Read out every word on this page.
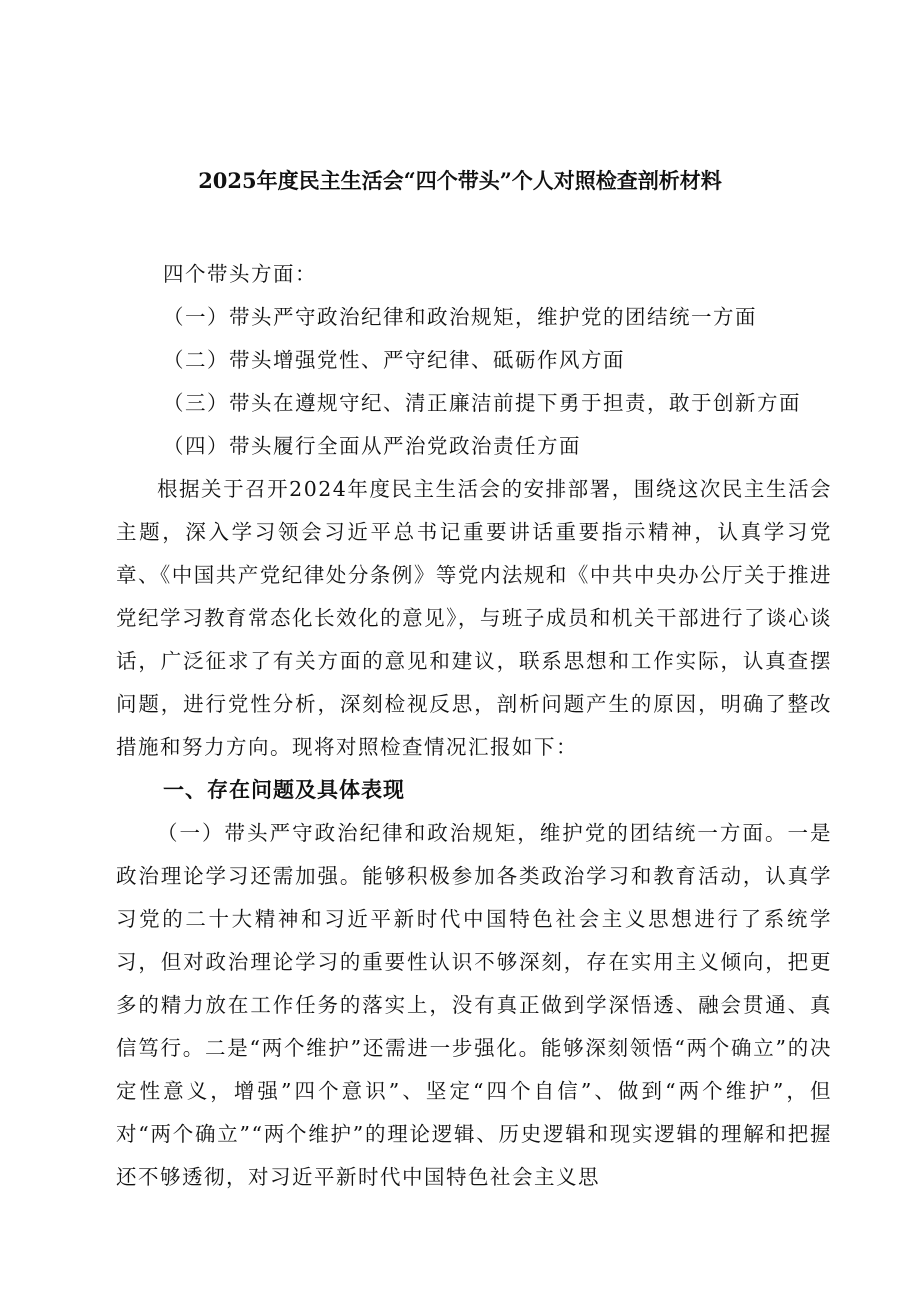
2025年度民主生活会“四个带头”个人对照检查剖析材料
四个带头方面：
（一）带头严守政治纪律和政治规矩，维护党的团结统一方面
（二）带头增强党性、严守纪律、砥砺作风方面
（三）带头在遵规守纪、清正廉洁前提下勇于担责，敢于创新方面
（四）带头履行全面从严治党政治责任方面
根据关于召开2024年度民主生活会的安排部署，围绕这次民主生活会主题，深入学习领会习近平总书记重要讲话重要指示精神，认真学习党章、《中国共产党纪律处分条例》等党内法规和《中共中央办公厅关于推进党纪学习教育常态化长效化的意见》，与班子成员和机关干部进行了谈心谈话，广泛征求了有关方面的意见和建议，联系思想和工作实际，认真查摆问题，进行党性分析，深刻检视反思，剖析问题产生的原因，明确了整改措施和努力方向。现将对照检查情况汇报如下：
一、存在问题及具体表现
（一）带头严守政治纪律和政治规矩，维护党的团结统一方面。一是政治理论学习还需加强。能够积极参加各类政治学习和教育活动，认真学习党的二十大精神和习近平新时代中国特色社会主义思想进行了系统学习，但对政治理论学习的重要性认识不够深刻，存在实用主义倾向，把更多的精力放在工作任务的落实上，没有真正做到学深悟透、融会贯通、真信笃行。二是“两个维护”还需进一步强化。能够深刻领悟“两个确立”的决定性意义，增强”四个意识”、坚定“四个自信”、做到“两个维护”，但对“两个确立”“两个维护”的理论逻辑、历史逻辑和现实逻辑的理解和把握还不够透彻，对习近平新时代中国特色社会主义思
